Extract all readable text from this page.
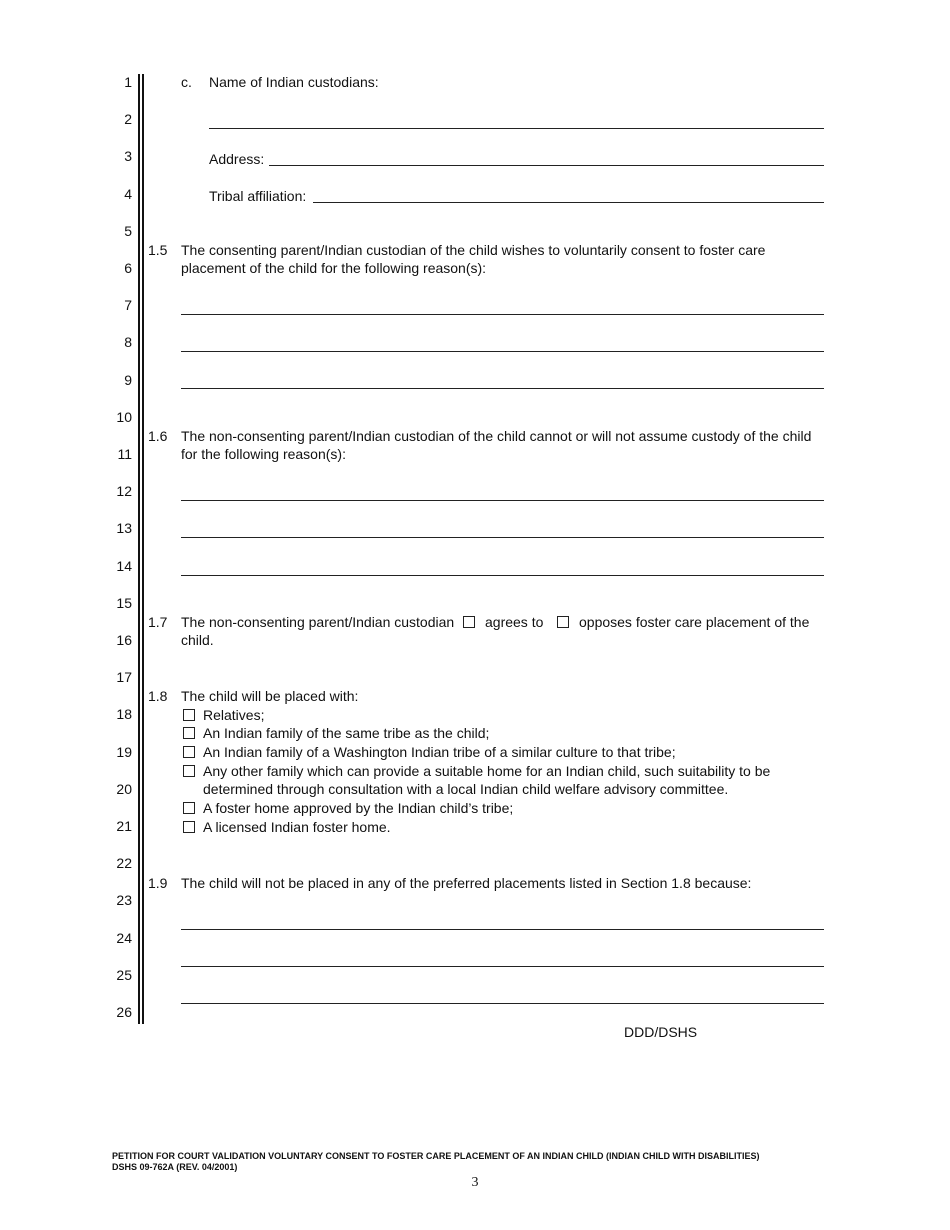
1
2
3
4
5
6
7
8
9
10
11
12
13
14
15
16
17
18
19
20
21
22
23
24
25
26
c. Name of Indian custodians:
Address:
Tribal affiliation:
1.5 The consenting parent/Indian custodian of the child wishes to voluntarily consent to foster care
placement of the child for the following reason(s):
1.6 The non-consenting parent/Indian custodian of the child cannot or will not assume custody of the child
for the following reason(s):
1.7 The non-consenting parent/Indian custodian agrees to	opposes foster care placement of the
child.
1.8 The child will be placed with:
Relatives;
An Indian family of the same tribe as the child;
An Indian family of a Washington Indian tribe of a similar culture to that tribe;
Any other family which can provide a suitable home for an Indian child, such suitability to be
determined through consultation with a local Indian child welfare advisory committee.
A foster home approved by the Indian child’s tribe;
A licensed Indian foster home.
1.9 The child will not be placed in any of the preferred placements listed in Section 1.8 because:
DDD/DSHS
PETITION FOR COURT VALIDATION VOLUNTARY CONSENT TO FOSTER CARE PLACEMENT OF AN INDIAN CHILD (INDIAN CHILD WITH DISABILITIES)
DSHS 09-762A (REV. 04/2001)
3
